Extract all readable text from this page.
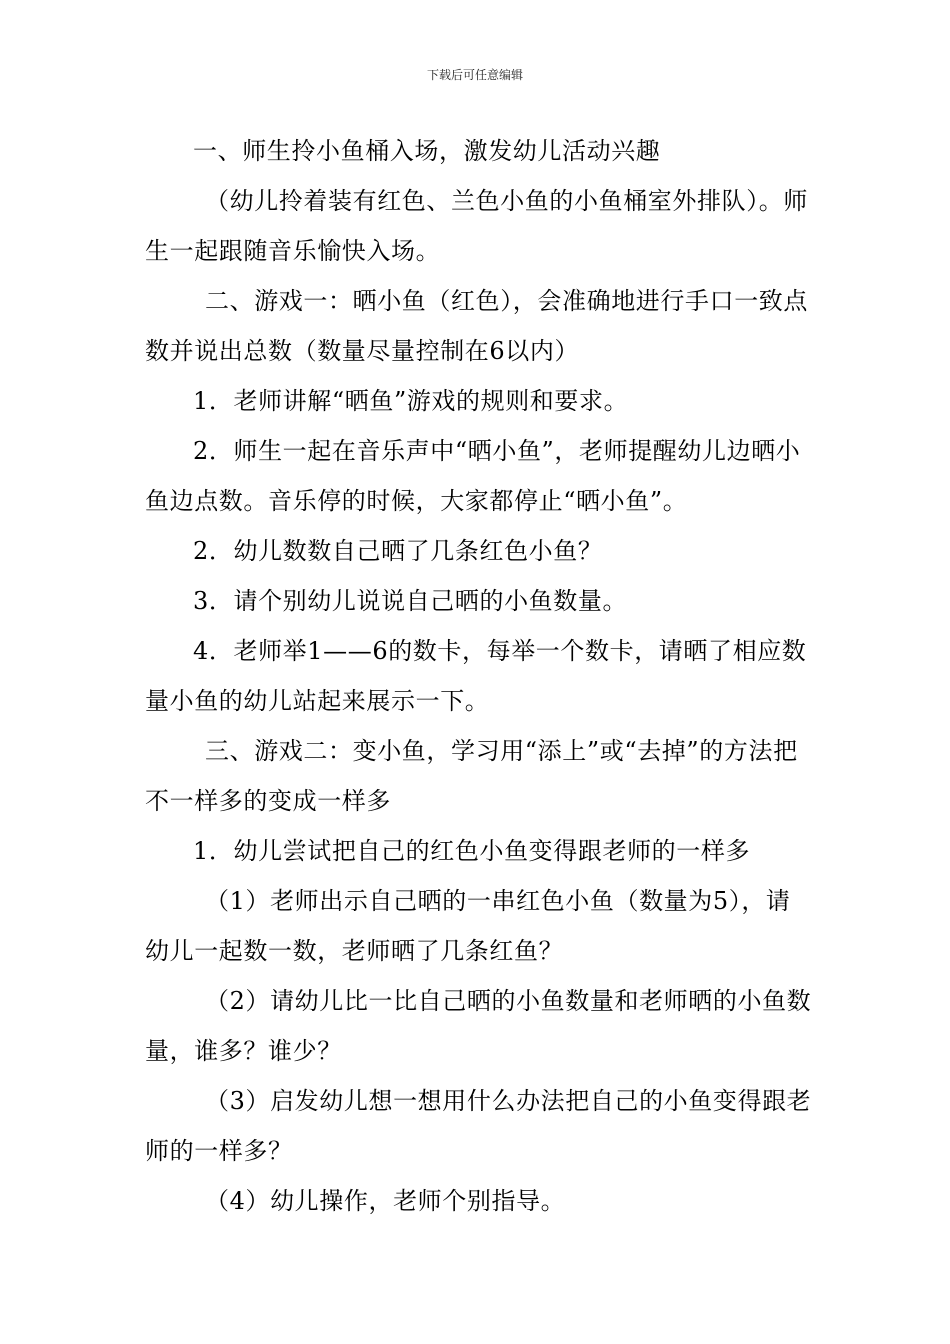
下载后可任意编辑

一、师生拎小鱼桶入场，激发幼儿活动兴趣

（幼儿拎着装有红色、兰色小鱼的小鱼桶室外排队）。师生一起跟随音乐愉快入场。

二、游戏一：晒小鱼（红色），会准确地进行手口一致点数并说出总数（数量尽量控制在6以内）

1．老师讲解“晒鱼”游戏的规则和要求。

2．师生一起在音乐声中“晒小鱼”，老师提醒幼儿边晒小鱼边点数。音乐停的时候，大家都停止“晒小鱼”。

2．幼儿数数自己晒了几条红色小鱼？

3．请个别幼儿说说自己晒的小鱼数量。

4．老师举1——6的数卡，每举一个数卡，请晒了相应数量小鱼的幼儿站起来展示一下。

三、游戏二：变小鱼，学习用“添上”或“去掉”的方法把不一样多的变成一样多

1．幼儿尝试把自己的红色小鱼变得跟老师的一样多

（1）老师出示自己晒的一串红色小鱼（数量为5），请幼儿一起数一数，老师晒了几条红鱼？

（2）请幼儿比一比自己晒的小鱼数量和老师晒的小鱼数量，谁多？谁少？

（3）启发幼儿想一想用什么办法把自己的小鱼变得跟老师的一样多？

（4）幼儿操作，老师个别指导。
